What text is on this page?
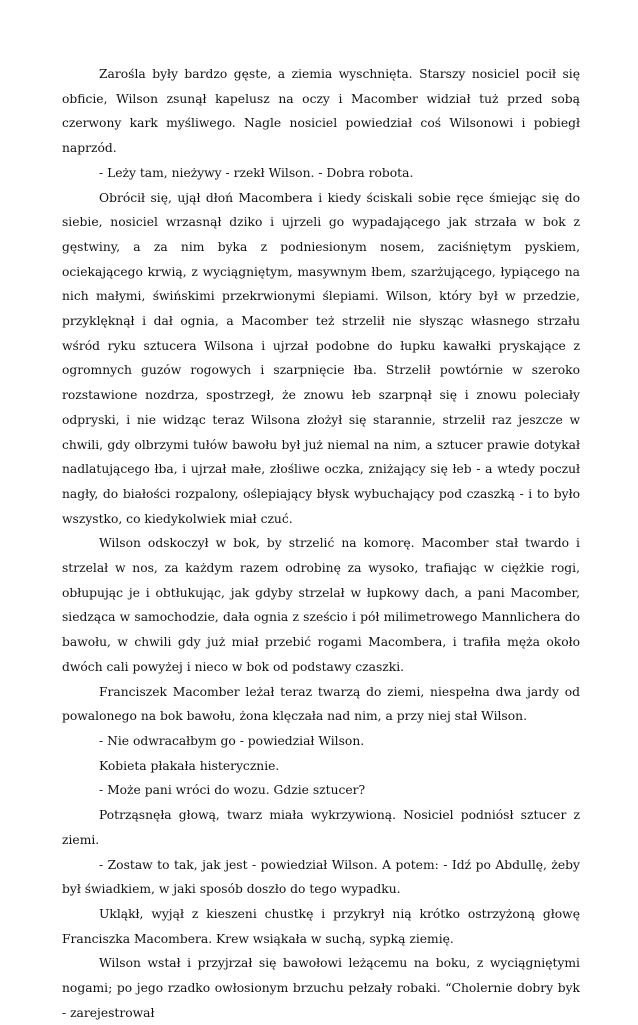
Zarośla były bardzo gęste, a ziemia wyschnięta. Starszy nosiciel pocił się obficie, Wilson zsunął kapelusz na oczy i Macomber widział tuż przed sobą czerwony kark myśliwego. Nagle nosiciel powiedział coś Wilsonowi i pobiegł naprzód.

- Leży tam, nieżywy - rzekł Wilson. - Dobra robota.

Obrócił się, ujął dłoń Macombera i kiedy ściskali sobie ręce śmiejąc się do siebie, nosiciel wrzasnął dziko i ujrzeli go wypadającego jak strzała w bok z gęstwiny, a za nim byka z podniesionym nosem, zaciśniętym pyskiem, ociekającego krwią, z wyciągniętym, masywnym łbem, szarżującego, łypiącego na nich małymi, świńskimi przekrwionymi ślepiami. Wilson, który był w przedzie, przyklęknął i dał ognia, a Macomber też strzelił nie słysząc własnego strzału wśród ryku sztucera Wilsona i ujrzał podobne do łupku kawałki pryskające z ogromnych guzów rogowych i szarpnięcie łba. Strzelił powtórnie w szeroko rozstawione nozdrza, spostrzegł, że znowu łeb szarpnął się i znowu poleciały odpryski, i nie widząc teraz Wilsona złożył się starannie, strzelił raz jeszcze w chwili, gdy olbrzymi tułów bawołu był już niemal na nim, a sztucer prawie dotykał nadlatującego łba, i ujrzał małe, złośliwe oczka, zniżający się łeb - a wtedy poczuł nagły, do białości rozpalony, oślepiający błysk wybuchający pod czaszką - i to było wszystko, co kiedykolwiek miał czuć.

Wilson odskoczył w bok, by strzelić na komorę. Macomber stał twardo i strzelał w nos, za każdym razem odrobinę za wysoko, trafiając w ciężkie rogi, obłupując je i obtłukując, jak gdyby strzelał w łupkowy dach, a pani Macomber, siedząca w samochodzie, dała ognia z sześcio i pół milimetrowego Mannlichera do bawołu, w chwili gdy już miał przebić rogami Macombera, i trafiła męża około dwóch cali powyżej i nieco w bok od podstawy czaszki.

Franciszek Macomber leżał teraz twarzą do ziemi, niespełna dwa jardy od powalonego na bok bawołu, żona klęczała nad nim, a przy niej stał Wilson.

- Nie odwracałbym go - powiedział Wilson.

Kobieta płakała histerycznie.

- Może pani wróci do wozu. Gdzie sztucer?

Potrząsnęła głową, twarz miała wykrzywioną. Nosiciel podniósł sztucer z ziemi.

- Zostaw to tak, jak jest - powiedział Wilson. A potem: - Idź po Abdullę, żeby był świadkiem, w jaki sposób doszło do tego wypadku.

Ukląkł, wyjął z kieszeni chustkę i przykrył nią krótko ostrzyżoną głowę Franciszka Macombera. Krew wsiąkała w suchą, sypką ziemię.

Wilson wstał i przyjrzał się bawołowi leżącemu na boku, z wyciągniętymi nogami; po jego rzadko owłosionym brzuchu pełzały robaki. “Cholernie dobry byk - zarejestrował
